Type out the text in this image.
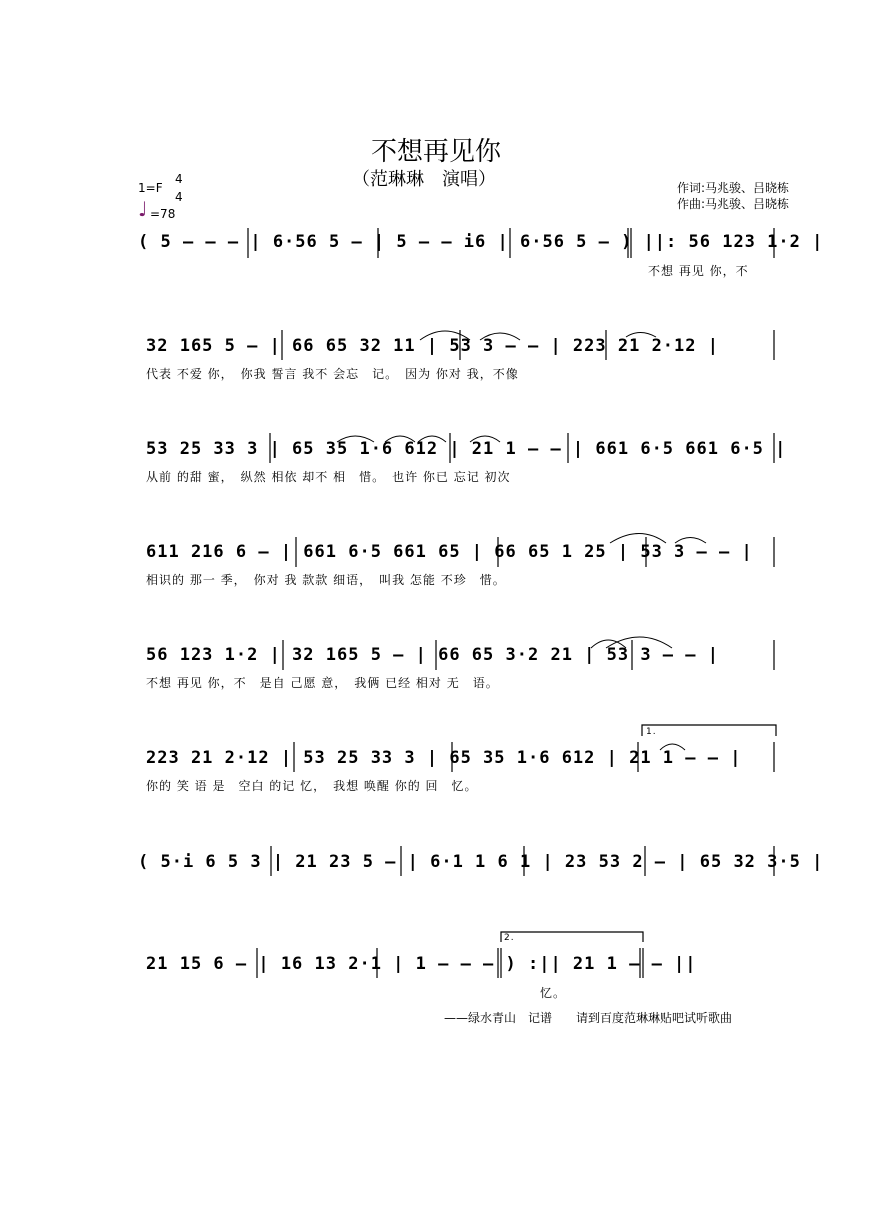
不想再见你
（范琳琳　演唱）
1=F
4
4
♩ =78
作词:马兆骏、吕晓栋
作曲:马兆骏、吕晓栋
( 5 — — — | 6·56 5 — | 5 — — i6 | 6·56 5 — ) ||: 56 123 1·2 |
不想 再见 你，不
32 165 5 — | 66 65 32 11 | 53 3 — — | 223 21 2·12 |
代表 不爱 你，　你我 誓言 我不 会忘　记。　因为 你对 我，不像
53 25 33 3 | 65 35 1·6 612 | 21 1 — — | 661 6·5 661 6·5 |
从前 的甜 蜜，　纵然 相依 却不 相　惜。　也许 你已 忘记 初次
611 216 6 — | 661 6·5 661 65 | 66 65 1 25 | 53 3 — — |
相识的 那一 季，　你对 我 款款 细语，　叫我 怎能 不珍　惜。
56 123 1·2 | 32 165 5 — | 66 65 3·2 21 | 53 3 — — |
不想 再见 你，不　是自 己愿 意，　我俩 已经 相对 无　语。
223 21 2·12 | 53 25 33 3 | 65 35 1·6 612 | 21 1 — — |
你的 笑 语 是　空白 的记 忆，　我想 唤醒 你的 回　忆。
1.
( 5·i 6 5 3 | 21 23 5 — | 6·1 1 6 1 | 23 53 2 — | 65 32 3·5 |
21 15 6 — | 16 13 2·1 | 1 — — — ) :|| 21 1 — — ||
忆。
2.
——绿水青山　记谱 请到百度范琳琳贴吧试听歌曲
